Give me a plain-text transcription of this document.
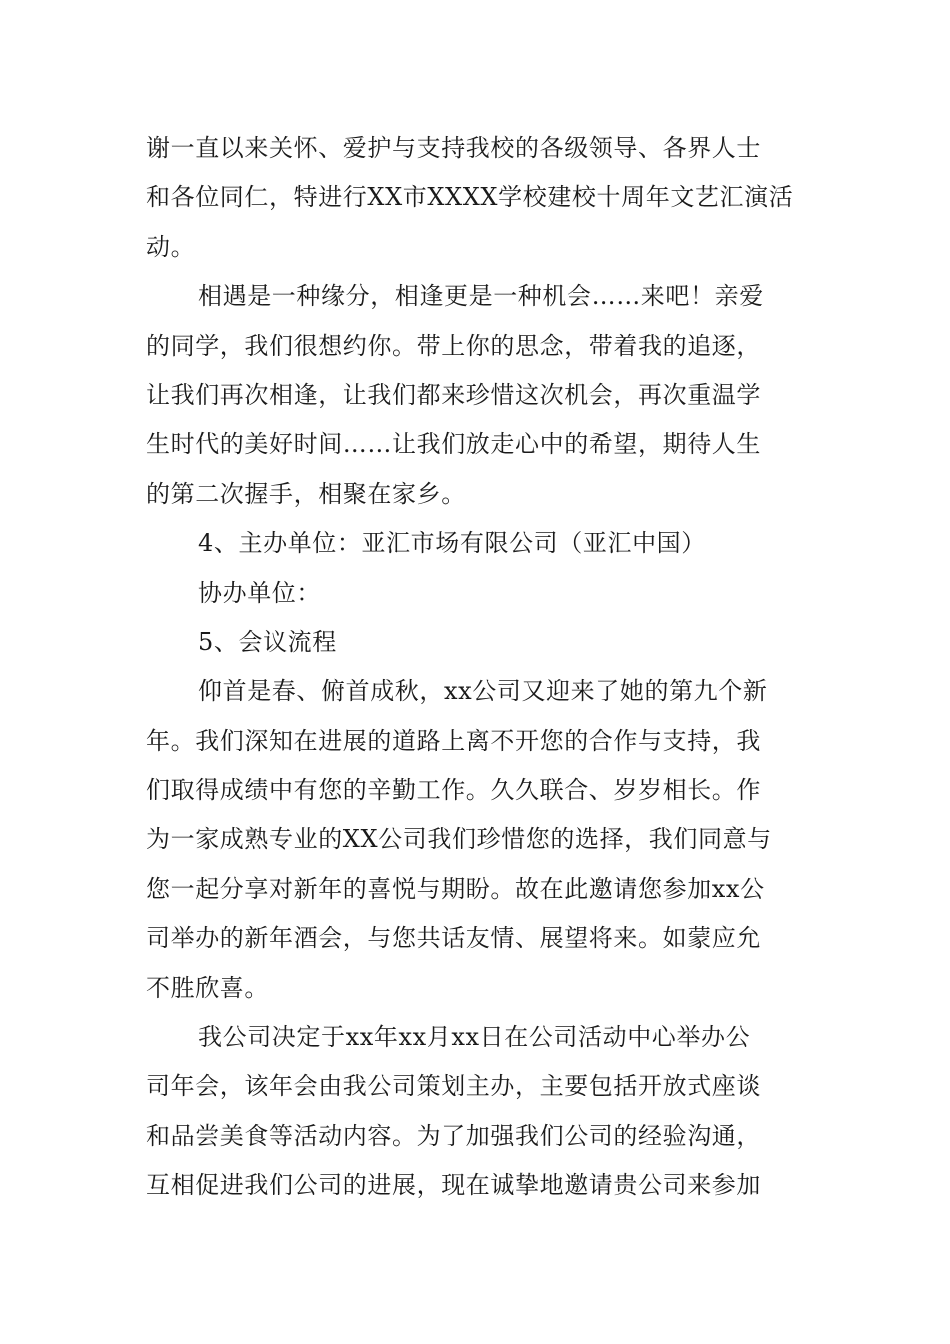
谢一直以来关怀、爱护与支持我校的各级领导、各界人士
和各位同仁，特进行XX市XXXX学校建校十周年文艺汇演活
动。
相遇是一种缘分，相逢更是一种机会……来吧！亲爱
的同学，我们很想约你。带上你的思念，带着我的追逐，
让我们再次相逢，让我们都来珍惜这次机会，再次重温学
生时代的美好时间……让我们放走心中的希望，期待人生
的第二次握手，相聚在家乡。
4、主办单位：亚汇市场有限公司（亚汇中国）
协办单位：
5、会议流程
仰首是春、俯首成秋，xx公司又迎来了她的第九个新
年。我们深知在进展的道路上离不开您的合作与支持，我
们取得成绩中有您的辛勤工作。久久联合、岁岁相长。作
为一家成熟专业的XX公司我们珍惜您的选择，我们同意与
您一起分享对新年的喜悦与期盼。故在此邀请您参加xx公
司举办的新年酒会，与您共话友情、展望将来。如蒙应允
不胜欣喜。
我公司决定于xx年xx月xx日在公司活动中心举办公
司年会，该年会由我公司策划主办，主要包括开放式座谈
和品尝美食等活动内容。为了加强我们公司的经验沟通，
互相促进我们公司的进展，现在诚挚地邀请贵公司来参加
